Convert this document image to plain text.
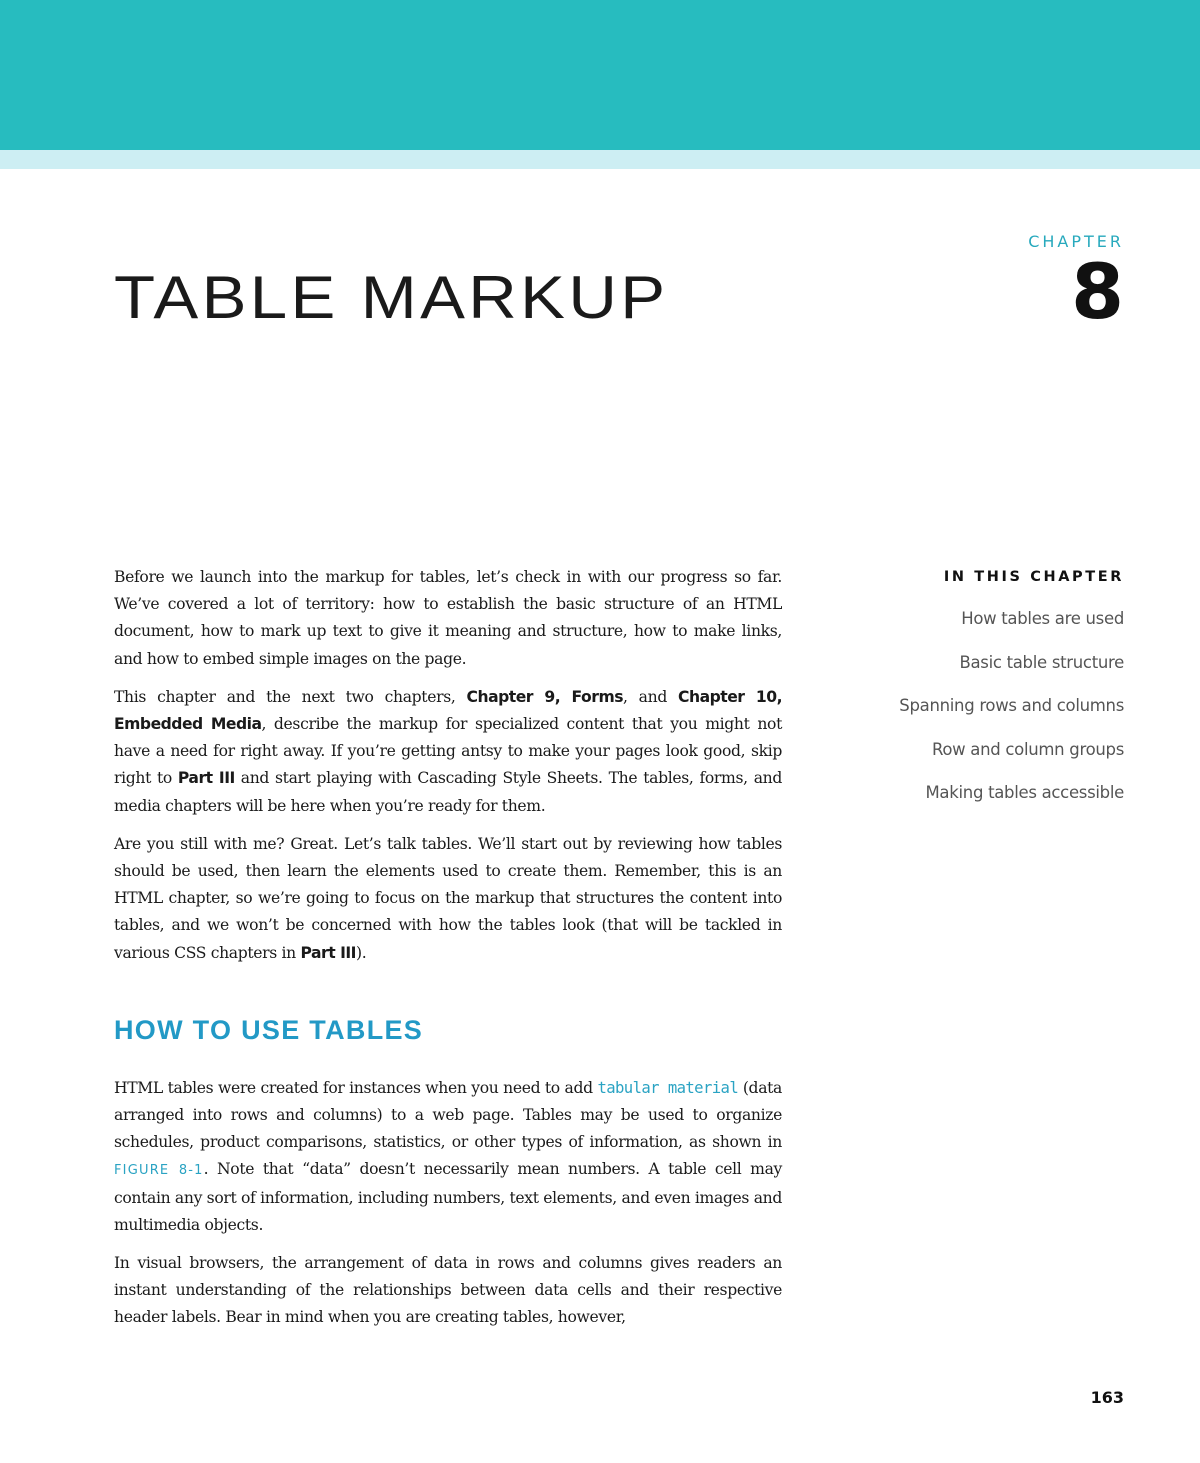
TABLE MARKUP
CHAPTER
8
IN THIS CHAPTER
How tables are used
Basic table structure
Spanning rows and columns
Row and column groups
Making tables accessible

Before we launch into the markup for tables, let’s check in with our progress so far. We’ve covered a lot of territory: how to establish the basic structure of an HTML document, how to mark up text to give it meaning and structure, how to make links, and how to embed simple images on the page.

This chapter and the next two chapters, Chapter 9, Forms, and Chapter 10, Embedded Media, describe the markup for specialized content that you might not have a need for right away. If you’re getting antsy to make your pages look good, skip right to Part III and start playing with Cascading Style Sheets. The tables, forms, and media chapters will be here when you’re ready for them.

Are you still with me? Great. Let’s talk tables. We’ll start out by reviewing how tables should be used, then learn the elements used to create them. Remember, this is an HTML chapter, so we’re going to focus on the markup that structures the content into tables, and we won’t be concerned with how the tables look (that will be tackled in various CSS chapters in Part III).

HOW TO USE TABLES

HTML tables were created for instances when you need to add tabular material (data arranged into rows and columns) to a web page. Tables may be used to organize schedules, product comparisons, statistics, or other types of information, as shown in FIGURE 8-1. Note that “data” doesn’t necessarily mean numbers. A table cell may contain any sort of information, including numbers, text elements, and even images and multimedia objects.

In visual browsers, the arrangement of data in rows and columns gives readers an instant understanding of the relationships between data cells and their respective header labels. Bear in mind when you are creating tables, however,

163
